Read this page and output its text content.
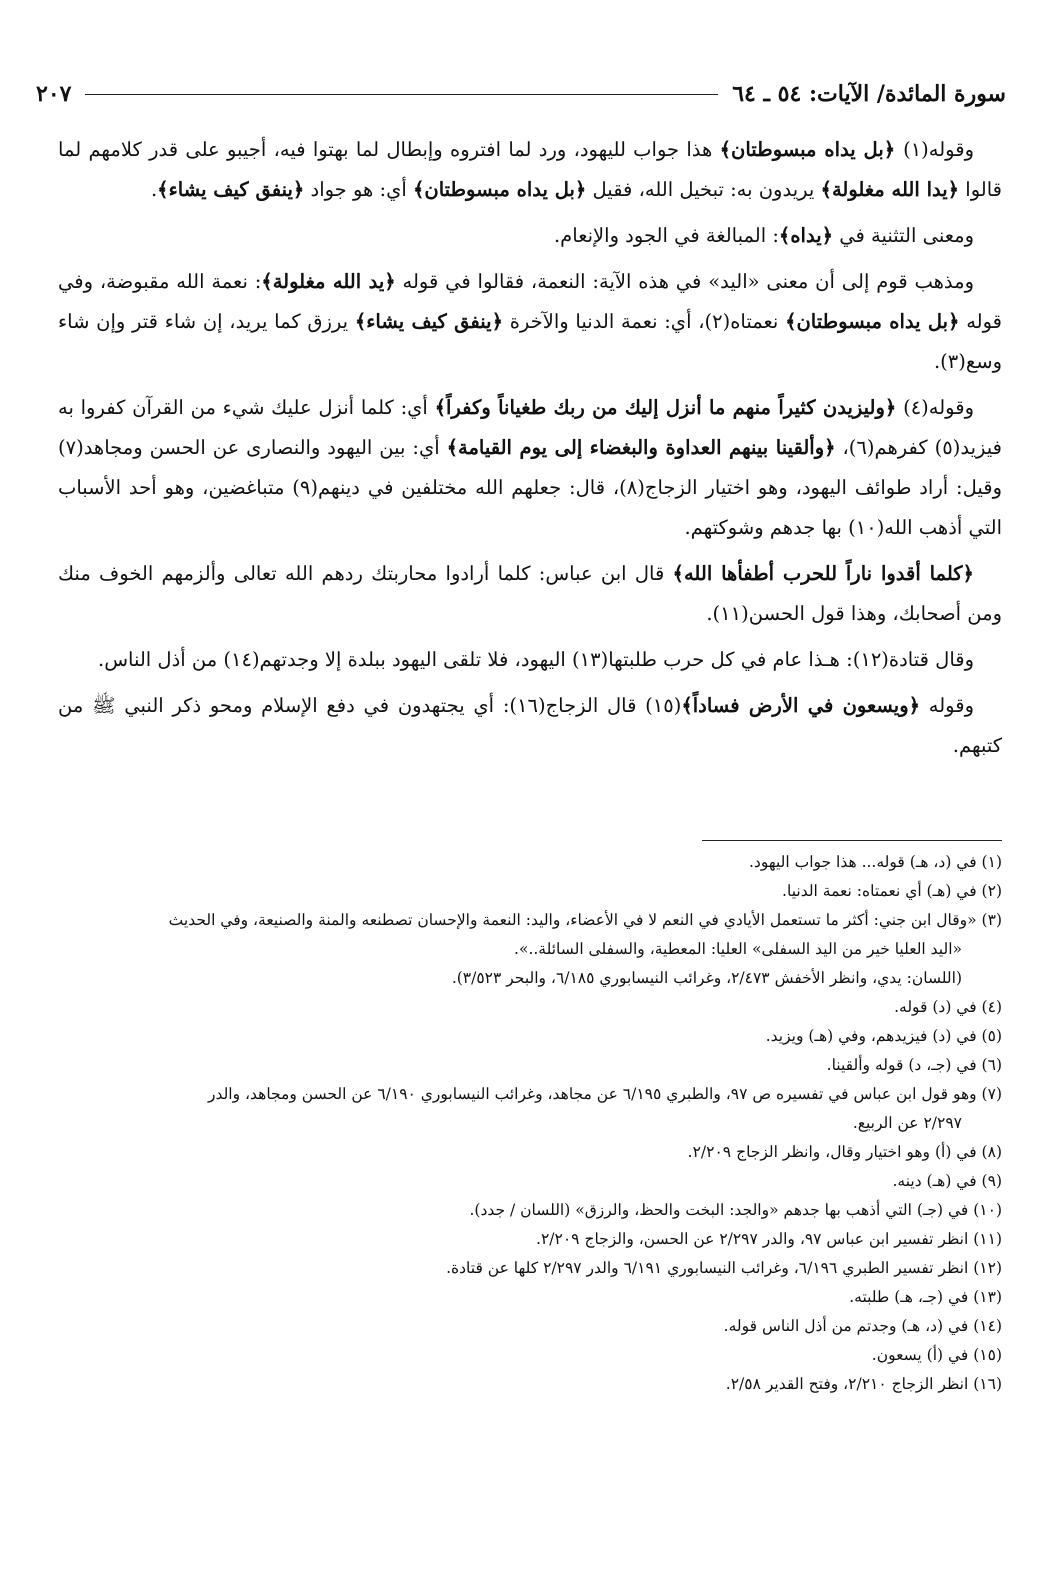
سورة المائدة/ الآيات: ٥٤ ـ ٦٤
٢٠٧

وقوله(١) ﴿بل يداه مبسوطتان﴾ هذا جواب لليهود، ورد لما افتروه وإبطال لما بهتوا فيه، أجيبو على قدر كلامهم لما قالوا ﴿يدا الله مغلولة﴾ يريدون به: تبخيل الله، فقيل ﴿بل يداه مبسوطتان﴾ أي: هو جواد ﴿ينفق كيف يشاء﴾.

ومعنى التثنية في ﴿يداه﴾: المبالغة في الجود والإنعام.

ومذهب قوم إلى أن معنى «اليد» في هذه الآية: النعمة، فقالوا في قوله ﴿يد الله مغلولة﴾: نعمة الله مقبوضة، وفي قوله ﴿بل يداه مبسوطتان﴾ نعمتاه(٢)، أي: نعمة الدنيا والآخرة ﴿ينفق كيف يشاء﴾ يرزق كما يريد، إن شاء قتر وإن شاء وسع(٣).

وقوله(٤) ﴿وليزيدن كثيراً منهم ما أنزل إليك من ربك طغياناً وكفراً﴾ أي: كلما أنزل عليك شيء من القرآن كفروا به فيزيد(٥) كفرهم(٦)، ﴿وألقينا بينهم العداوة والبغضاء إلى يوم القيامة﴾ أي: بين اليهود والنصارى عن الحسن ومجاهد(٧) وقيل: أراد طوائف اليهود، وهو اختيار الزجاج(٨)، قال: جعلهم الله مختلفين في دينهم(٩) متباغضين، وهو أحد الأسباب التي أذهب الله(١٠) بها جدهم وشوكتهم.

﴿كلما أقدوا ناراً للحرب أطفأها الله﴾ قال ابن عباس: كلما أرادوا محاربتك ردهم الله تعالى وألزمهم الخوف منك ومن أصحابك، وهذا قول الحسن(١١).

وقال قتادة(١٢): هـذا عام في كل حرب طلبتها(١٣) اليهود، فلا تلقى اليهود ببلدة إلا وجدتهم(١٤) من أذل الناس.

وقوله ﴿ويسعون في الأرض فساداً﴾(١٥) قال الزجاج(١٦): أي يجتهدون في دفع الإسلام ومحو ذكر النبي ﷺ من كتبهم.

(١) في (د، هـ) قوله... هذا جواب اليهود.

(٢) في (هـ) أي نعمتاه: نعمة الدنيا.

(٣) «وقال ابن جني: أكثر ما تستعمل الأيادي في النعم لا في الأعضاء، واليد: النعمة والإحسان تصطنعه والمنة والصنيعة، وفي الحديث
«اليد العليا خير من اليد السفلى» العليا: المعطية، والسفلى السائلة..».
(اللسان: يدي، وانظر الأخفش ٢/٤٧٣، وغرائب النيسابوري ٦/١٨٥، والبحر ٣/٥٢٣).

(٤) في (د) قوله.

(٥) في (د) فيزيدهم، وفي (هـ) ويزيد.

(٦) في (جـ، د) قوله وألقينا.

(٧) وهو قول ابن عباس في تفسيره ص ٩٧، والطبري ٦/١٩٥ عن مجاهد، وغرائب النيسابوري ٦/١٩٠ عن الحسن ومجاهد، والدر
٢/٢٩٧ عن الربيع.

(٨) في (أ) وهو اختيار وقال، وانظر الزجاج ٢/٢٠٩.

(٩) في (هـ) دينه.

(١٠) في (جـ) التي أذهب بها جدهم «والجد: البخت والحظ، والرزق» (اللسان / جدد).

(١١) انظر تفسير ابن عباس ٩٧، والدر ٢/٢٩٧ عن الحسن، والزجاج ٢/٢٠٩.

(١٢) انظر تفسير الطبري ٦/١٩٦، وغرائب النيسابوري ٦/١٩١ والدر ٢/٢٩٧ كلها عن قتادة.

(١٣) في (جـ، هـ) طلبته.

(١٤) في (د، هـ) وجدتم من أذل الناس قوله.

(١٥) في (أ) يسعون.

(١٦) انظر الزجاج ٢/٢١٠، وفتح القدير ٢/٥٨.
